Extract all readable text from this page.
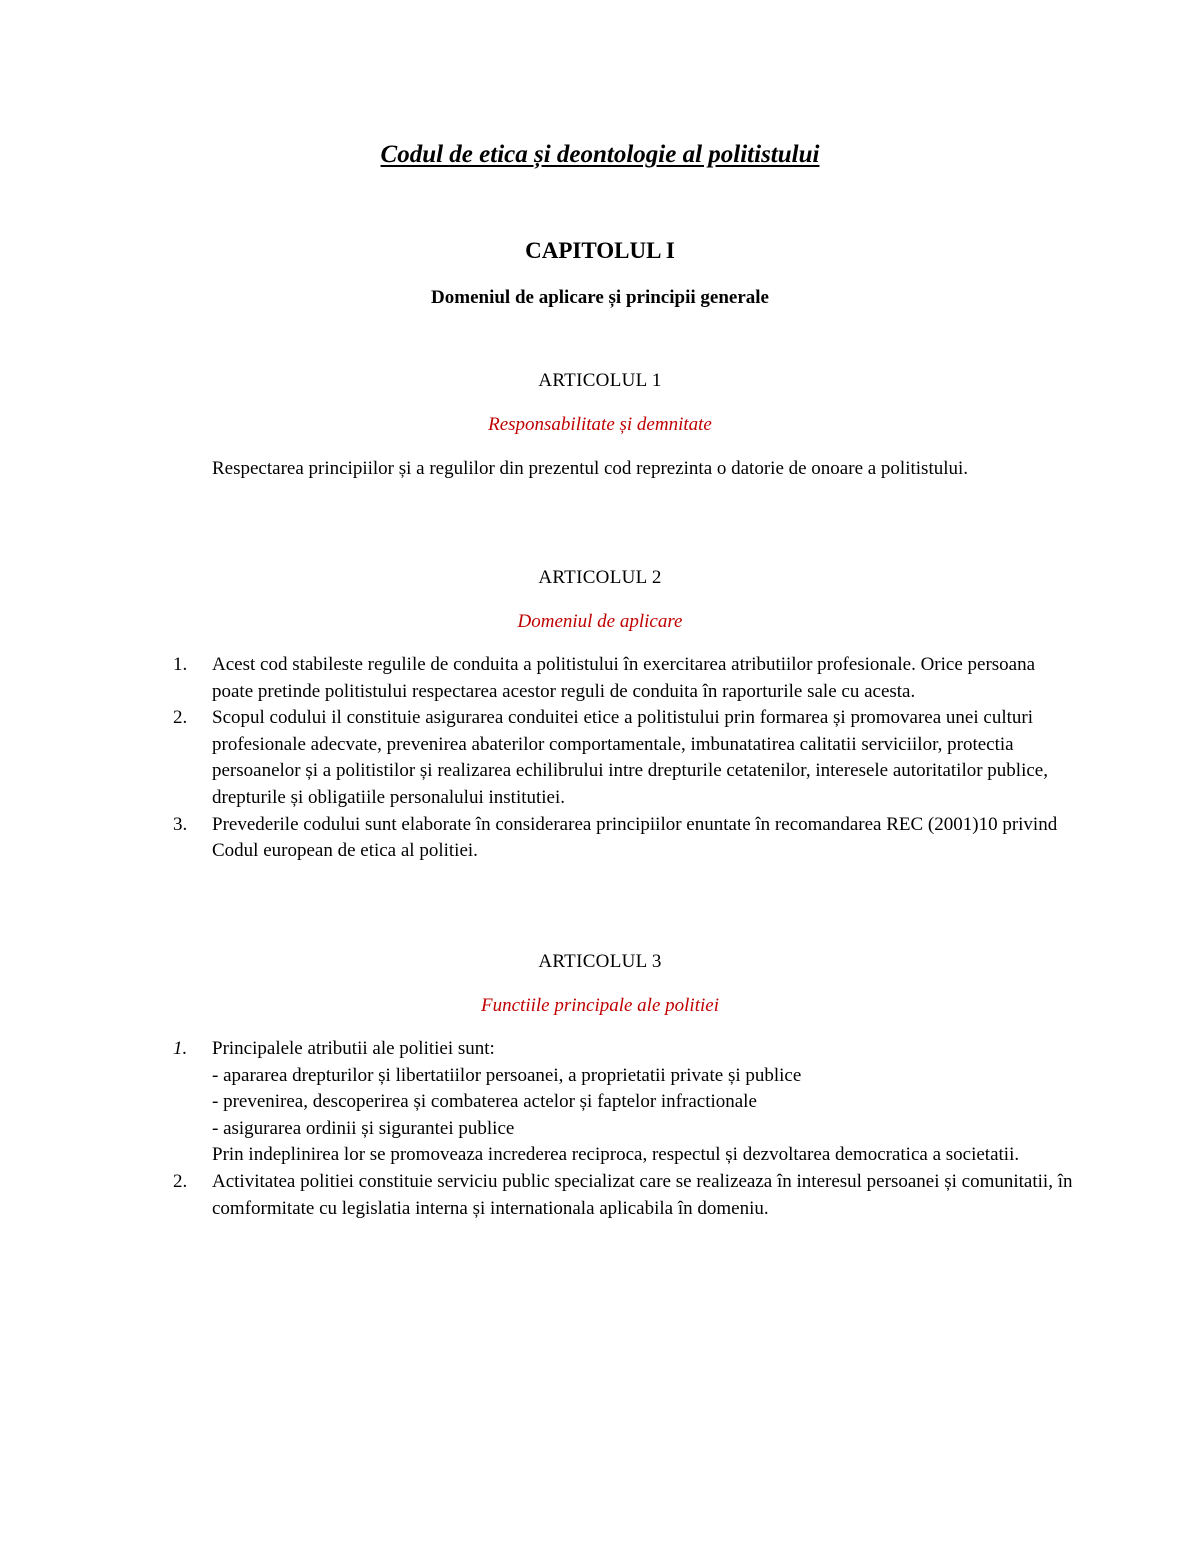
Codul de etica și deontologie al politistului
CAPITOLUL I
Domeniul de aplicare și principii generale
ARTICOLUL 1
Responsabilitate și demnitate
Respectarea principiilor și a regulilor din prezentul cod reprezinta o datorie de onoare a politistului.
ARTICOLUL 2
Domeniul de aplicare
1. Acest cod stabileste regulile de conduita a politistului în exercitarea atributiilor profesionale. Orice persoana poate pretinde politistului respectarea acestor reguli de conduita în raporturile sale cu acesta.
2. Scopul codului il constituie asigurarea conduitei etice a politistului prin formarea și promovarea unei culturi profesionale adecvate, prevenirea abaterilor comportamentale, imbunatatirea calitatii serviciilor, protectia persoanelor și a politistilor și realizarea echilibrului intre drepturile cetatenilor, interesele autoritatilor publice, drepturile și obligatiile personalului institutiei.
3. Prevederile codului sunt elaborate în considerarea principiilor enuntate în recomandarea REC (2001)10 privind Codul european de etica al politiei.
ARTICOLUL 3
Functiile principale ale politiei
1. Principalele atributii ale politiei sunt:
- apararea drepturilor și libertatiilor persoanei, a proprietatii private și publice
- prevenirea, descoperirea și combaterea actelor și faptelor infractionale
- asigurarea ordinii și sigurantei publice
Prin indeplinirea lor se promoveaza increderea reciproca, respectul și dezvoltarea democratica a societatii.
2. Activitatea politiei constituie serviciu public specializat care se realizeaza în interesul persoanei și comunitatii, în comformitate cu legislatia interna și internationala aplicabila în domeniu.
